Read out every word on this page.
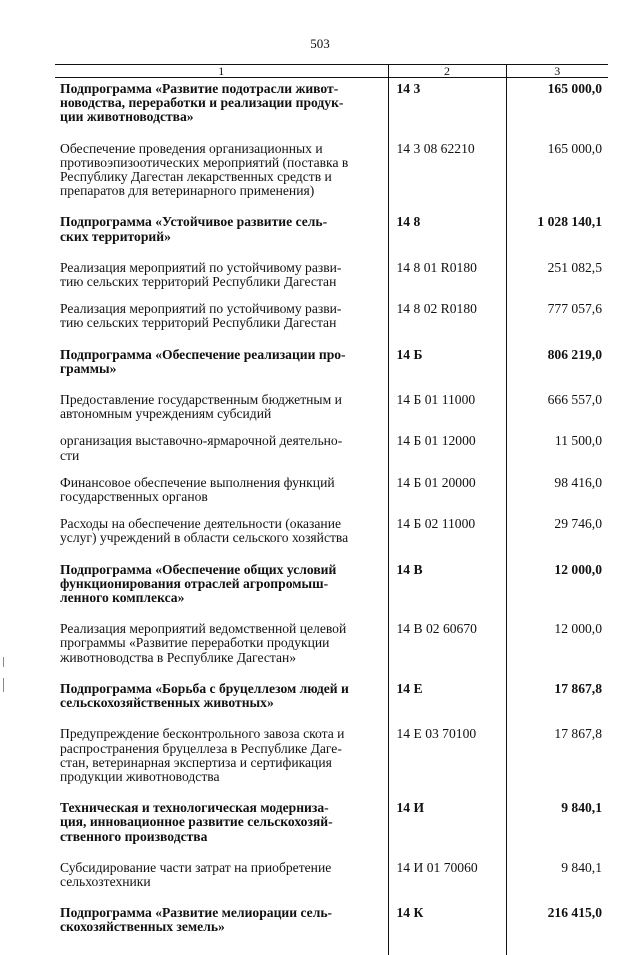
503
1	2	3
Подпрограмма «Развитие подотрасли живот-
новодства, переработки и реализации продук-
ции животноводства»	14 3	165 000,0
Обеспечение проведения организационных и
противоэпизоотических мероприятий (поставка в
Республику Дагестан лекарственных средств и
препаратов для ветеринарного применения)	14 3 08 62210	165 000,0
Подпрограмма «Устойчивое развитие сель-
ских территорий»	14 8	1 028 140,1
Реализация мероприятий по устойчивому разви-
тию сельских территорий Республики Дагестан	14 8 01 R0180	251 082,5
Реализация мероприятий по устойчивому разви-
тию сельских территорий Республики Дагестан	14 8 02 R0180	777 057,6
Подпрограмма «Обеспечение реализации про-
граммы»	14 Б	806 219,0
Предоставление государственным бюджетным и
автономным учреждениям субсидий	14 Б 01 11000	666 557,0
организация выставочно-ярмарочной деятельно-
сти	14 Б 01 12000	11 500,0
Финансовое обеспечение выполнения функций
государственных органов	14 Б 01 20000	98 416,0
Расходы на обеспечение деятельности (оказание
услуг) учреждений в области сельского хозяйства	14 Б 02 11000	29 746,0
Подпрограмма «Обеспечение общих условий
функционирования отраслей агропромыш-
ленного комплекса»	14 В	12 000,0
Реализация мероприятий ведомственной целевой
программы «Развитие переработки продукции
животноводства в Республике Дагестан»	14 В 02 60670	12 000,0
Подпрограмма «Борьба с бруцеллезом людей и
сельскохозяйственных животных»	14 Е	17 867,8
Предупреждение бесконтрольного завоза скота и
распространения бруцеллеза в Республике Даге-
стан, ветеринарная экспертиза и сертификация
продукции животноводства	14 Е 03 70100	17 867,8
Техническая и технологическая модерниза-
ция, инновационное развитие сельскохозяй-
ственного производства	14 И	9 840,1
Субсидирование части затрат на приобретение
сельхозтехники	14 И 01 70060	9 840,1
Подпрограмма «Развитие мелиорации сель-
скохозяйственных земель»	14 К	216 415,0
